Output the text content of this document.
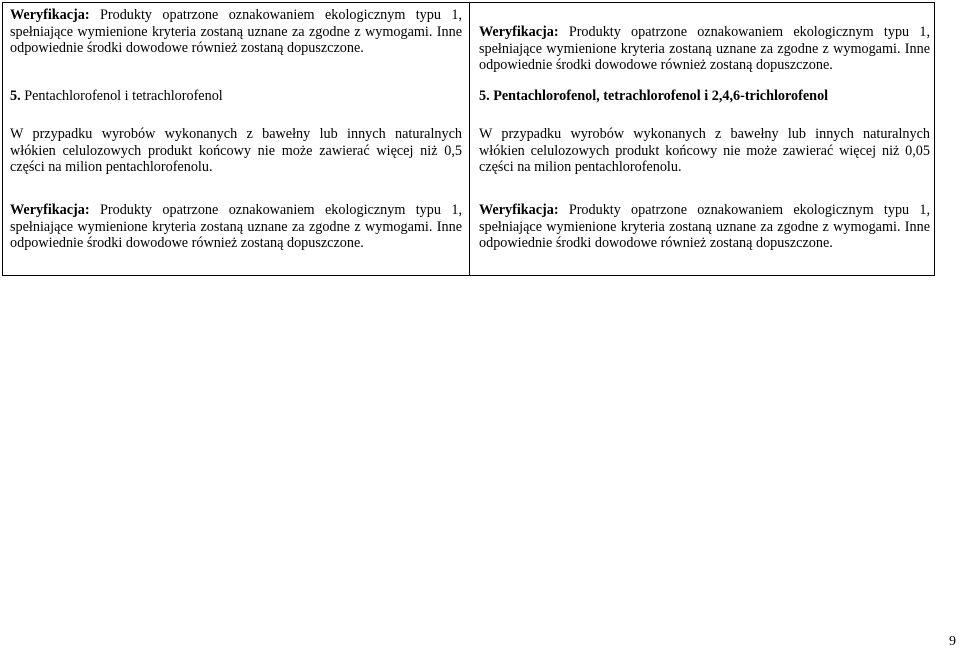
Weryfikacja: Produkty opatrzone oznakowaniem ekologicznym typu 1, spełniające wymienione kryteria zostaną uznane za zgodne z wymogami. Inne odpowiednie środki dowodowe również zostaną dopuszczone.
5. Pentachlorofenol i tetrachlorofenol
W przypadku wyrobów wykonanych z bawełny lub innych naturalnych włókien celulozowych produkt końcowy nie może zawierać więcej niż 0,5 części na milion pentachlorofenolu.
Weryfikacja: Produkty opatrzone oznakowaniem ekologicznym typu 1, spełniające wymienione kryteria zostaną uznane za zgodne z wymogami. Inne odpowiednie środki dowodowe również zostaną dopuszczone.
Weryfikacja: Produkty opatrzone oznakowaniem ekologicznym typu 1, spełniające wymienione kryteria zostaną uznane za zgodne z wymogami. Inne odpowiednie środki dowodowe również zostaną dopuszczone.
5. Pentachlorofenol, tetrachlorofenol i 2,4,6-trichlorofenol
W przypadku wyrobów wykonanych z bawełny lub innych naturalnych włókien celulozowych produkt końcowy nie może zawierać więcej niż 0,05 części na milion pentachlorofenolu.
Weryfikacja: Produkty opatrzone oznakowaniem ekologicznym typu 1, spełniające wymienione kryteria zostaną uznane za zgodne z wymogami. Inne odpowiednie środki dowodowe również zostaną dopuszczone.
9
